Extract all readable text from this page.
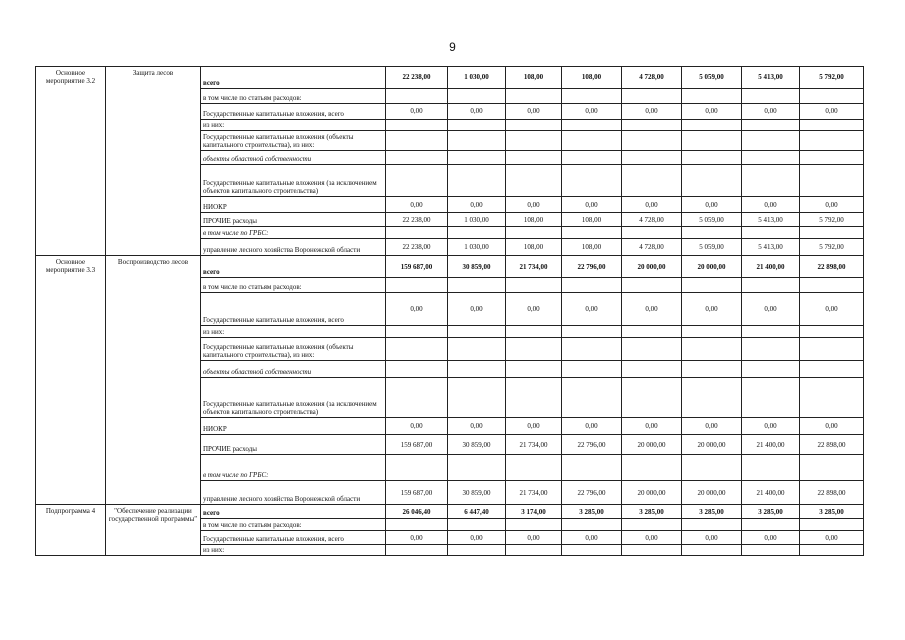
9
Основное мероприятие 3.2	Защита лесов	всего	22 238,00	1 030,00	108,00	108,00	4 728,00	5 059,00	5 413,00	5 792,00
		в том числе по статьям расходов:								
		Государственные капитальные вложения, всего	0,00	0,00	0,00	0,00	0,00	0,00	0,00	0,00
		из них:								
		Государственные капитальные вложения (объекты капитального строительства), из них:								
		объекты областной собственности								
		Государственные капитальные вложения (за исключением объектов капитального строительства)								
		НИОКР	0,00	0,00	0,00	0,00	0,00	0,00	0,00	0,00
		ПРОЧИЕ расходы	22 238,00	1 030,00	108,00	108,00	4 728,00	5 059,00	5 413,00	5 792,00
		в том числе по ГРБС:								
		управление лесного хозяйства Воронежской области	22 238,00	1 030,00	108,00	108,00	4 728,00	5 059,00	5 413,00	5 792,00
Основное мероприятие 3.3	Воспроизводство лесов	всего	159 687,00	30 859,00	21 734,00	22 796,00	20 000,00	20 000,00	21 400,00	22 898,00
		в том числе по статьям расходов:								
		Государственные капитальные вложения, всего	0,00	0,00	0,00	0,00	0,00	0,00	0,00	0,00
		из них:								
		Государственные капитальные вложения (объекты капитального строительства), из них:								
		объекты областной собственности								
		Государственные капитальные вложения (за исключением объектов капитального строительства)								
		НИОКР	0,00	0,00	0,00	0,00	0,00	0,00	0,00	0,00
		ПРОЧИЕ расходы	159 687,00	30 859,00	21 734,00	22 796,00	20 000,00	20 000,00	21 400,00	22 898,00
		в том числе по ГРБС:								
		управление лесного хозяйства Воронежской области	159 687,00	30 859,00	21 734,00	22 796,00	20 000,00	20 000,00	21 400,00	22 898,00
Подпрограмма 4	"Обеспечение реализации государственной программы"	всего	26 046,40	6 447,40	3 174,00	3 285,00	3 285,00	3 285,00	3 285,00	3 285,00
		в том числе по статьям расходов:								
		Государственные капитальные вложения, всего	0,00	0,00	0,00	0,00	0,00	0,00	0,00	0,00
		из них:								
